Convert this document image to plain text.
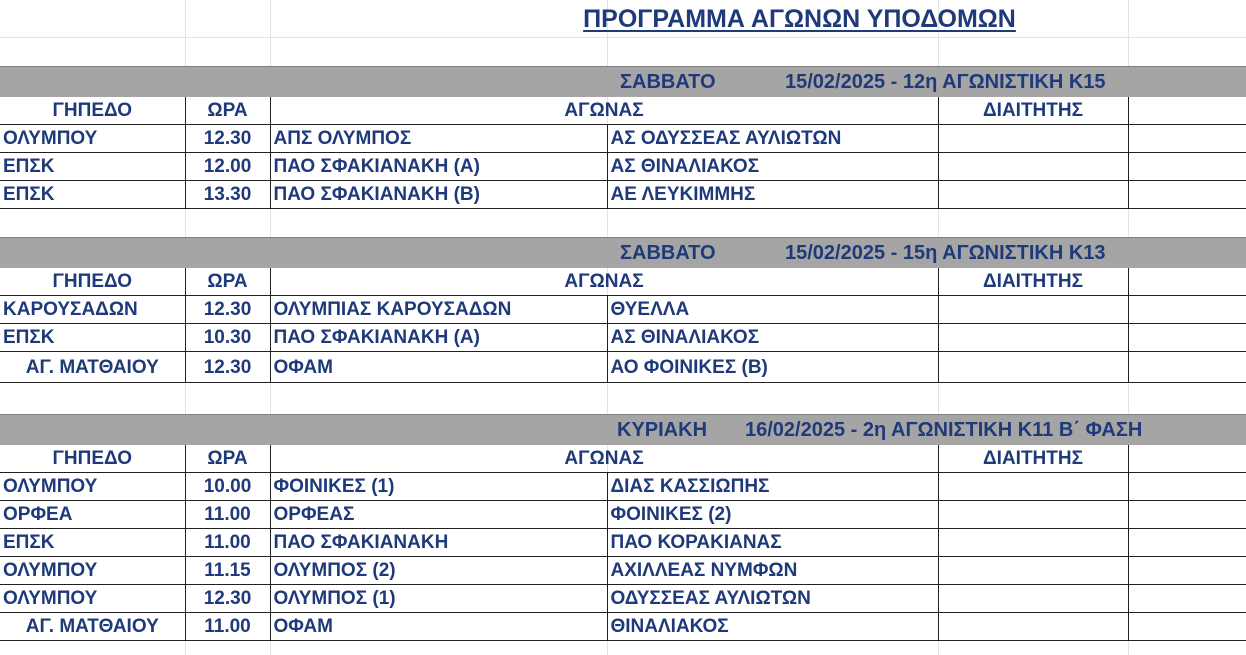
ΠΡΟΓΡΑΜΜΑ ΑΓΩΝΩΝ ΥΠΟΔΟΜΩΝ
ΣΑΒΒΑΤΟ	15/02/2025 - 12η ΑΓΩΝΙΣΤΙΚΗ Κ15
ΓΗΠΕΔΟ	ΩΡΑ	ΑΓΩΝΑΣ		ΔΙΑΙΤΗΤΗΣ	
ΟΛΥΜΠΟΥ	12.30	ΑΠΣ ΟΛΥΜΠΟΣ	ΑΣ ΟΔΥΣΣΕΑΣ ΑΥΛΙΩΤΩΝ		
ΕΠΣΚ	12.00	ΠΑΟ ΣΦΑΚΙΑΝΑΚΗ (Α)	ΑΣ ΘΙΝΑΛΙΑΚΟΣ		
ΕΠΣΚ	13.30	ΠΑΟ ΣΦΑΚΙΑΝΑΚΗ (Β)	ΑΕ ΛΕΥΚΙΜΜΗΣ		
ΣΑΒΒΑΤΟ	15/02/2025 - 15η ΑΓΩΝΙΣΤΙΚΗ Κ13
ΓΗΠΕΔΟ	ΩΡΑ	ΑΓΩΝΑΣ		ΔΙΑΙΤΗΤΗΣ	
ΚΑΡΟΥΣΑΔΩΝ	12.30	ΟΛΥΜΠΙΑΣ ΚΑΡΟΥΣΑΔΩΝ	ΘΥΕΛΛΑ		
ΕΠΣΚ	10.30	ΠΑΟ ΣΦΑΚΙΑΝΑΚΗ (Α)	ΑΣ ΘΙΝΑΛΙΑΚΟΣ		
ΑΓ. ΜΑΤΘΑΙΟΥ	12.30	ΟΦΑΜ	ΑΟ ΦΟΙΝΙΚΕΣ (Β)		
ΚΥΡΙΑΚΗ 16/02/2025 - 2η ΑΓΩΝΙΣΤΙΚΗ Κ11 Β΄ ΦΑΣΗ
ΓΗΠΕΔΟ	ΩΡΑ	ΑΓΩΝΑΣ		ΔΙΑΙΤΗΤΗΣ	
ΟΛΥΜΠΟΥ	10.00	ΦΟΙΝΙΚΕΣ (1)	ΔΙΑΣ ΚΑΣΣΙΩΠΗΣ		
ΟΡΦΕΑ	11.00	ΟΡΦΕΑΣ	ΦΟΙΝΙΚΕΣ (2)		
ΕΠΣΚ	11.00	ΠΑΟ ΣΦΑΚΙΑΝΑΚΗ	ΠΑΟ ΚΟΡΑΚΙΑΝΑΣ		
ΟΛΥΜΠΟΥ	11.15	ΟΛΥΜΠΟΣ (2)	ΑΧΙΛΛΕΑΣ ΝΥΜΦΩΝ		
ΟΛΥΜΠΟΥ	12.30	ΟΛΥΜΠΟΣ (1)	ΟΔΥΣΣΕΑΣ ΑΥΛΙΩΤΩΝ		
ΑΓ. ΜΑΤΘΑΙΟΥ	11.00	ΟΦΑΜ	ΘΙΝΑΛΙΑΚΟΣ		
